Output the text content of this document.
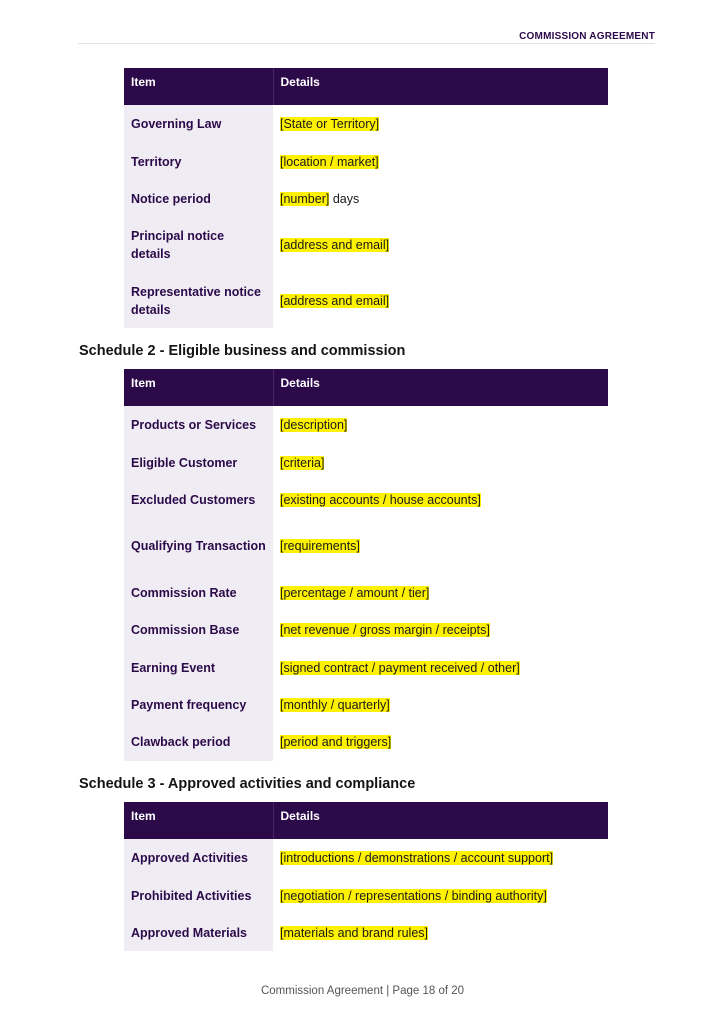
COMMISSION AGREEMENT
Item	Details
Governing Law	[State or Territory]
Territory	[location / market]
Notice period	[number] days
Principal notice details	[address and email]
Representative notice details	[address and email]
Schedule 2 - Eligible business and commission
Item	Details
Products or Services	[description]
Eligible Customer	[criteria]
Excluded Customers	[existing accounts / house accounts]
Qualifying Transaction	[requirements]
Commission Rate	[percentage / amount / tier]
Commission Base	[net revenue / gross margin / receipts]
Earning Event	[signed contract / payment received / other]
Payment frequency	[monthly / quarterly]
Clawback period	[period and triggers]
Schedule 3 - Approved activities and compliance
Item	Details
Approved Activities	[introductions / demonstrations / account support]
Prohibited Activities	[negotiation / representations / binding authority]
Approved Materials	[materials and brand rules]
Commission Agreement | Page 18 of 20
